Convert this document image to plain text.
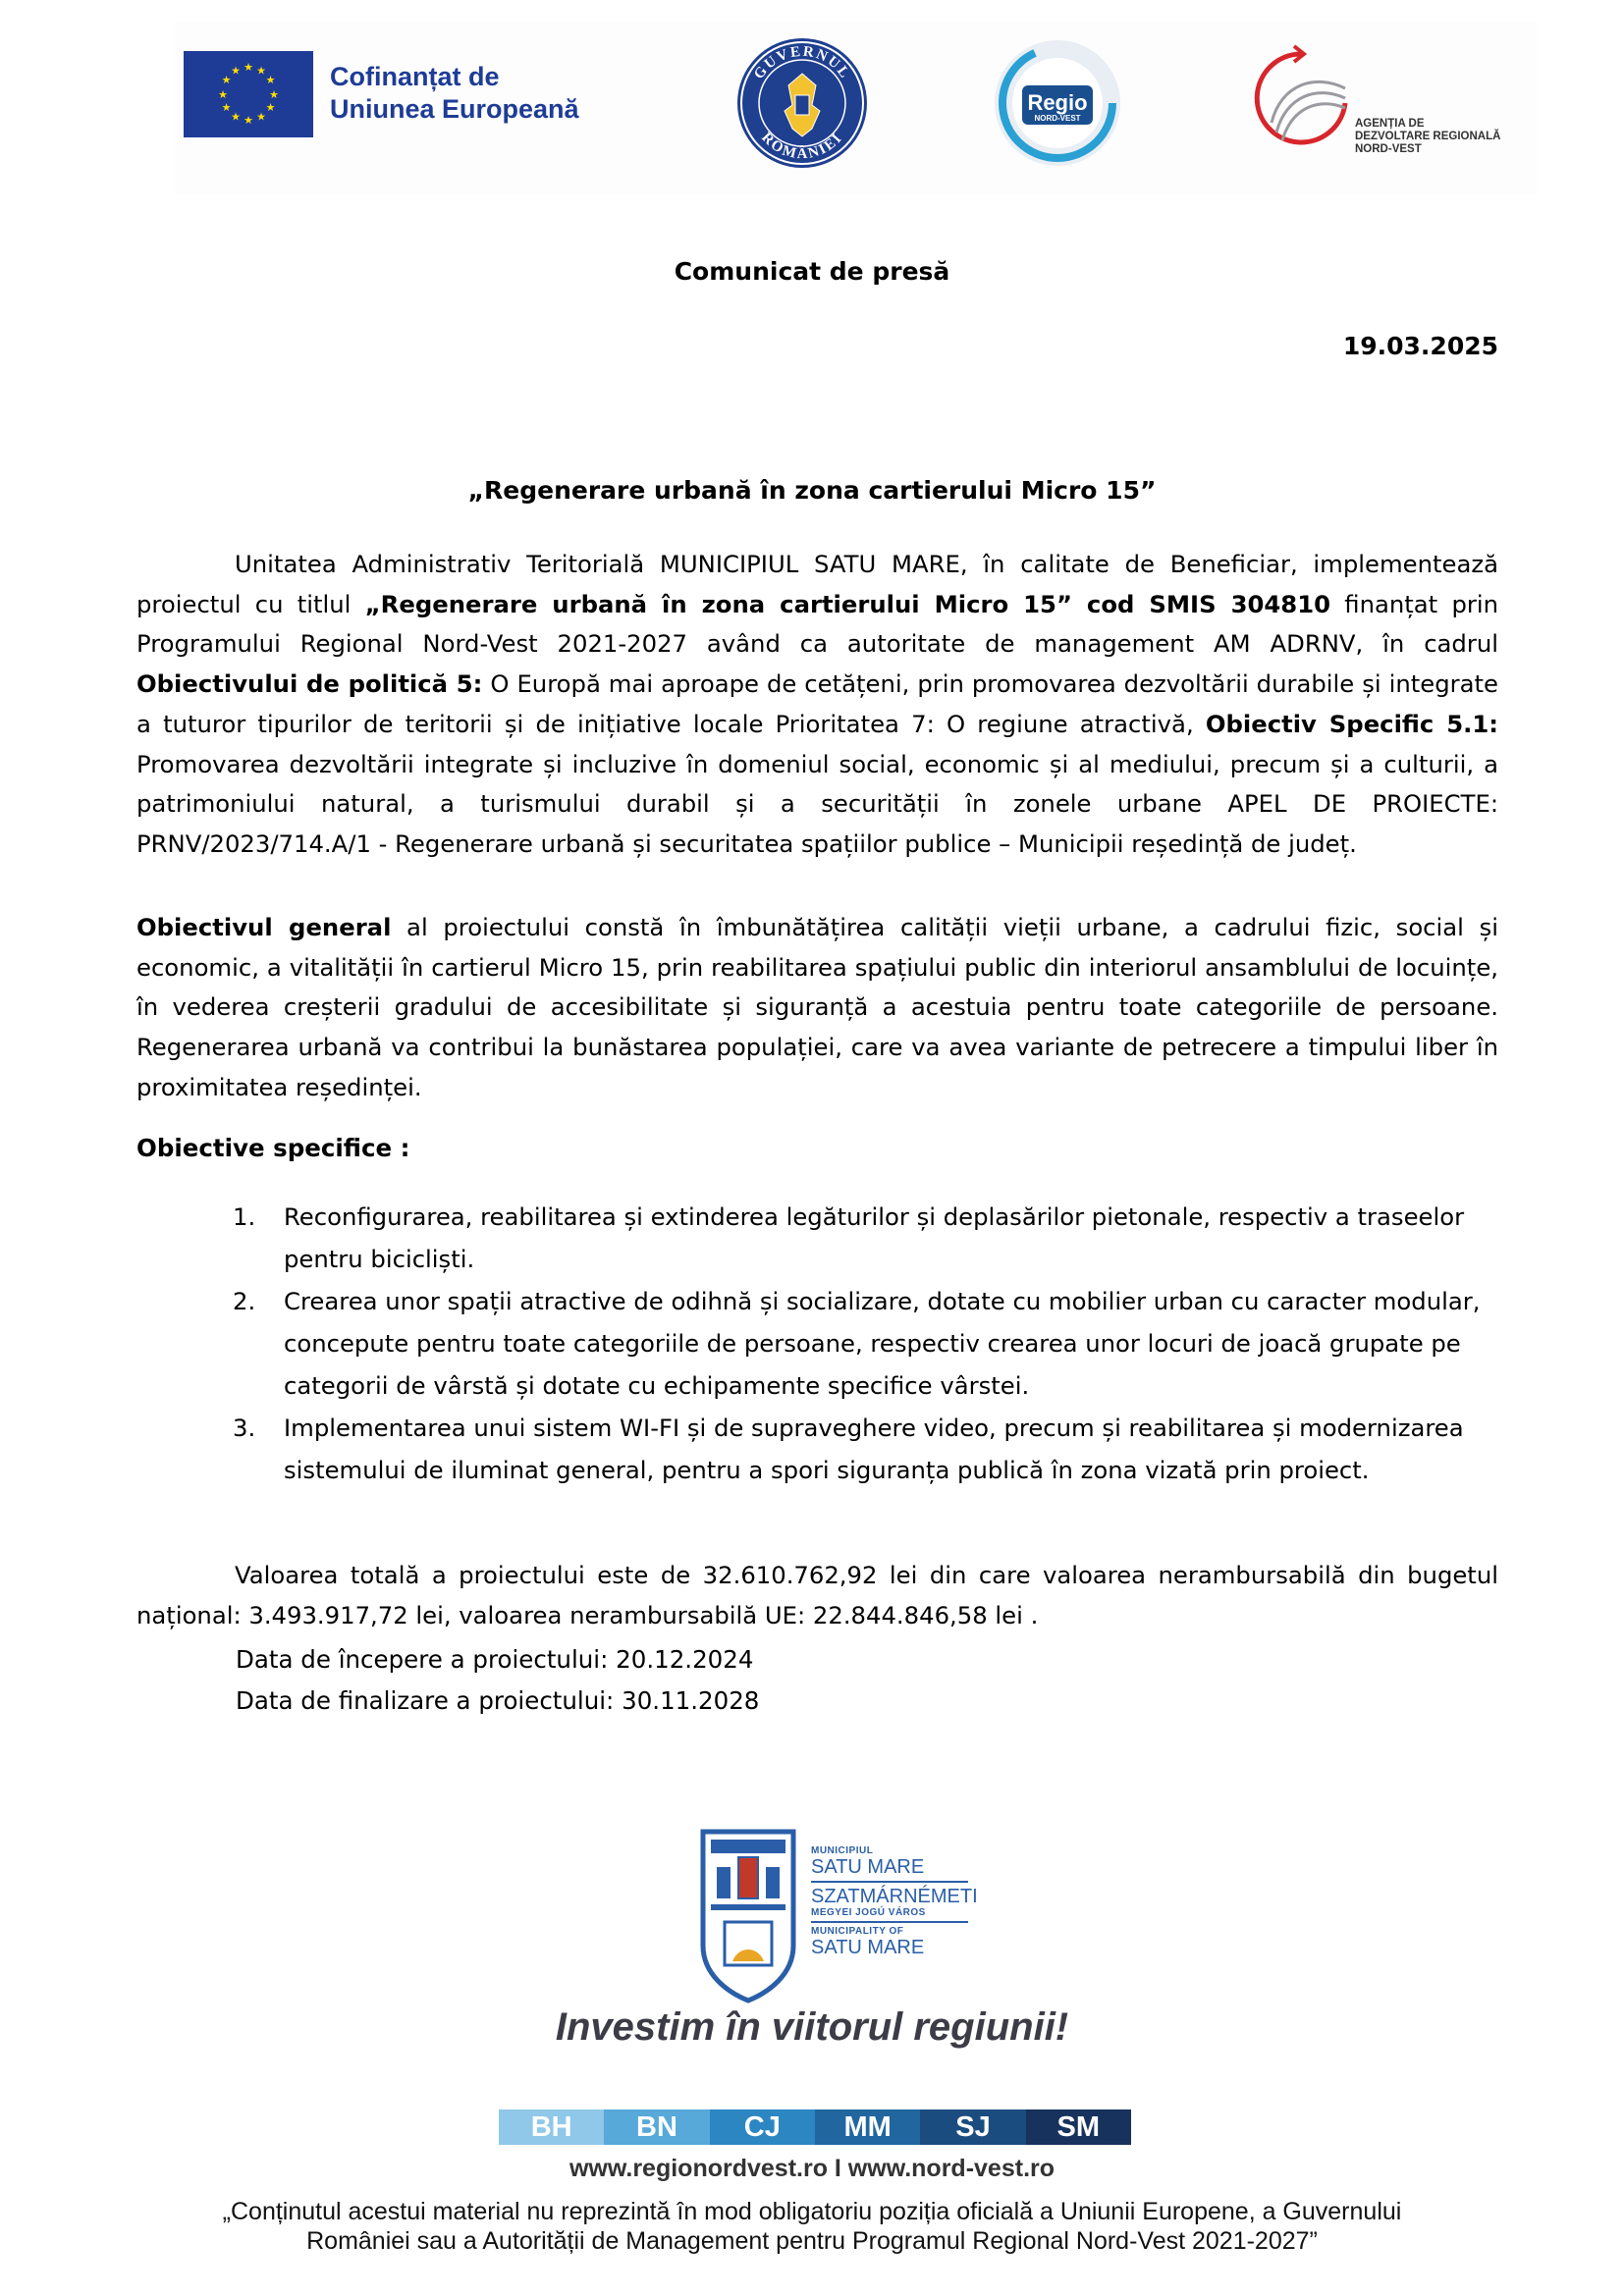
★ ★
★
★
★
★
★
★
★
★
★
★	Cofinanțat de
Uniunea Europeană
GUVERNUL
ROMÂNIEI
Regio
NORD-VEST	AGENȚIA DE
DEZVOLTARE REGIONALĂ
NORD-VEST
Comunicat de presă
19.03.2025
„Regenerare urbană în zona cartierului Micro 15”
Unitatea Administrativ Teritorială MUNICIPIUL SATU MARE, în calitate de Beneficiar, implementează proiectul cu titlul „Regenerare urbană în zona cartierului Micro 15” cod SMIS 304810 finanțat prin Programului Regional Nord-Vest 2021-2027 având ca autoritate de management AM ADRNV, în cadrul Obiectivului de politică 5: O Europă mai aproape de cetățeni, prin promovarea dezvoltării durabile și integrate a tuturor tipurilor de teritorii și de inițiative locale Prioritatea 7: O regiune atractivă, Obiectiv Specific 5.1: Promovarea dezvoltării integrate și incluzive în domeniul social, economic și al mediului, precum și a culturii, a patrimoniului natural, a turismului durabil și a securității în zonele urbane APEL DE PROIECTE: PRNV/2023/714.A/1 - Regenerare urbană și securitatea spațiilor publice – Municipii reședință de județ.
Obiectivul general al proiectului constă în îmbunătățirea calității vieții urbane, a cadrului fizic, social și economic, a vitalității în cartierul Micro 15, prin reabilitarea spațiului public din interiorul ansamblului de locuințe, în vederea creșterii gradului de accesibilitate și siguranță a acestuia pentru toate categoriile de persoane. Regenerarea urbană va contribui la bunăstarea populației, care va avea variante de petrecere a timpului liber în proximitatea reședinței.
Obiective specifice :
1. Reconfigurarea, reabilitarea și extinderea legăturilor și deplasărilor pietonale, respectiv a traseelor pentru bicicliști.
2. Crearea unor spații atractive de odihnă și socializare, dotate cu mobilier urban cu caracter modular, concepute pentru toate categoriile de persoane, respectiv crearea unor locuri de joacă grupate pe categorii de vârstă și dotate cu echipamente specifice vârstei.
3. Implementarea unui sistem WI-FI și de supraveghere video, precum și reabilitarea și modernizarea sistemului de iluminat general, pentru a spori siguranța publică în zona vizată prin proiect.
Valoarea totală a proiectului este de 32.610.762,92 lei din care valoarea nerambursabilă din bugetul național: 3.493.917,72 lei, valoarea nerambursabilă UE: 22.844.846,58 lei .
Data de începere a proiectului: 20.12.2024
Data de finalizare a proiectului: 30.11.2028
MUNICIPIUL
SATU MARE
SZATMÁRNÉMETI
MEGYEI JOGÚ VÁROS
MUNICIPALITY OF
SATU MARE
Investim în viitorul regiunii!
BH	BN	CJ	MM	SJ	SM
www.regionordvest.ro I www.nord-vest.ro
„Conținutul acestui material nu reprezintă în mod obligatoriu poziția oficială a Uniunii Europene, a Guvernului
României sau a Autorității de Management pentru Programul Regional Nord-Vest 2021-2027”
